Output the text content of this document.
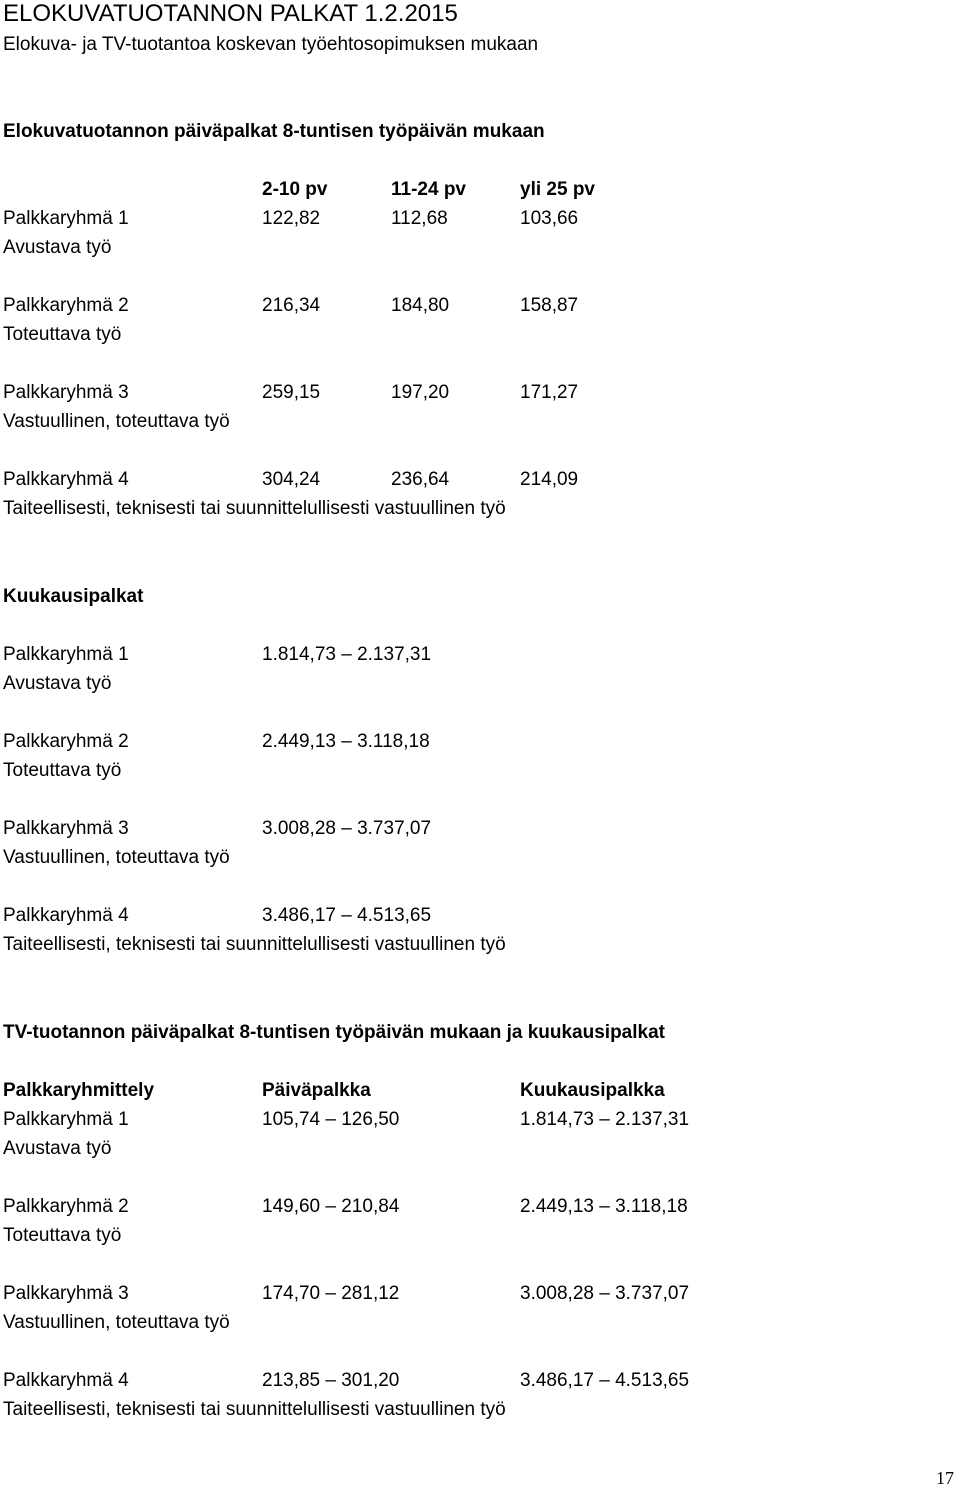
ELOKUVATUOTANNON PALKAT 1.2.2015
Elokuva- ja TV-tuotantoa koskevan työehtosopimuksen mukaan
Elokuvatuotannon päiväpalkat 8-tuntisen työpäivän mukaan
2-10 pv	11-24 pv	yli 25 pv
Palkkaryhmä 1	122,82	112,68	103,66
Avustava työ
Palkkaryhmä 2	216,34	184,80	158,87
Toteuttava työ
Palkkaryhmä 3	259,15	197,20	171,27
Vastuullinen, toteuttava työ
Palkkaryhmä 4	304,24	236,64	214,09
Taiteellisesti, teknisesti tai suunnittelullisesti vastuullinen työ
Kuukausipalkat
Palkkaryhmä 1	1.814,73 – 2.137,31
Avustava työ
Palkkaryhmä 2	2.449,13 – 3.118,18
Toteuttava työ
Palkkaryhmä 3	3.008,28 – 3.737,07
Vastuullinen, toteuttava työ
Palkkaryhmä 4	3.486,17 – 4.513,65
Taiteellisesti, teknisesti tai suunnittelullisesti vastuullinen työ
TV-tuotannon päiväpalkat 8-tuntisen työpäivän mukaan ja kuukausipalkat
Palkkaryhmittely	Päiväpalkka	Kuukausipalkka
Palkkaryhmä 1	105,74 – 126,50	1.814,73 – 2.137,31
Avustava työ
Palkkaryhmä 2	149,60 – 210,84	2.449,13 – 3.118,18
Toteuttava työ
Palkkaryhmä 3	174,70 – 281,12	3.008,28 – 3.737,07
Vastuullinen, toteuttava työ
Palkkaryhmä 4	213,85 – 301,20	3.486,17 – 4.513,65
Taiteellisesti, teknisesti tai suunnittelullisesti vastuullinen työ
17
